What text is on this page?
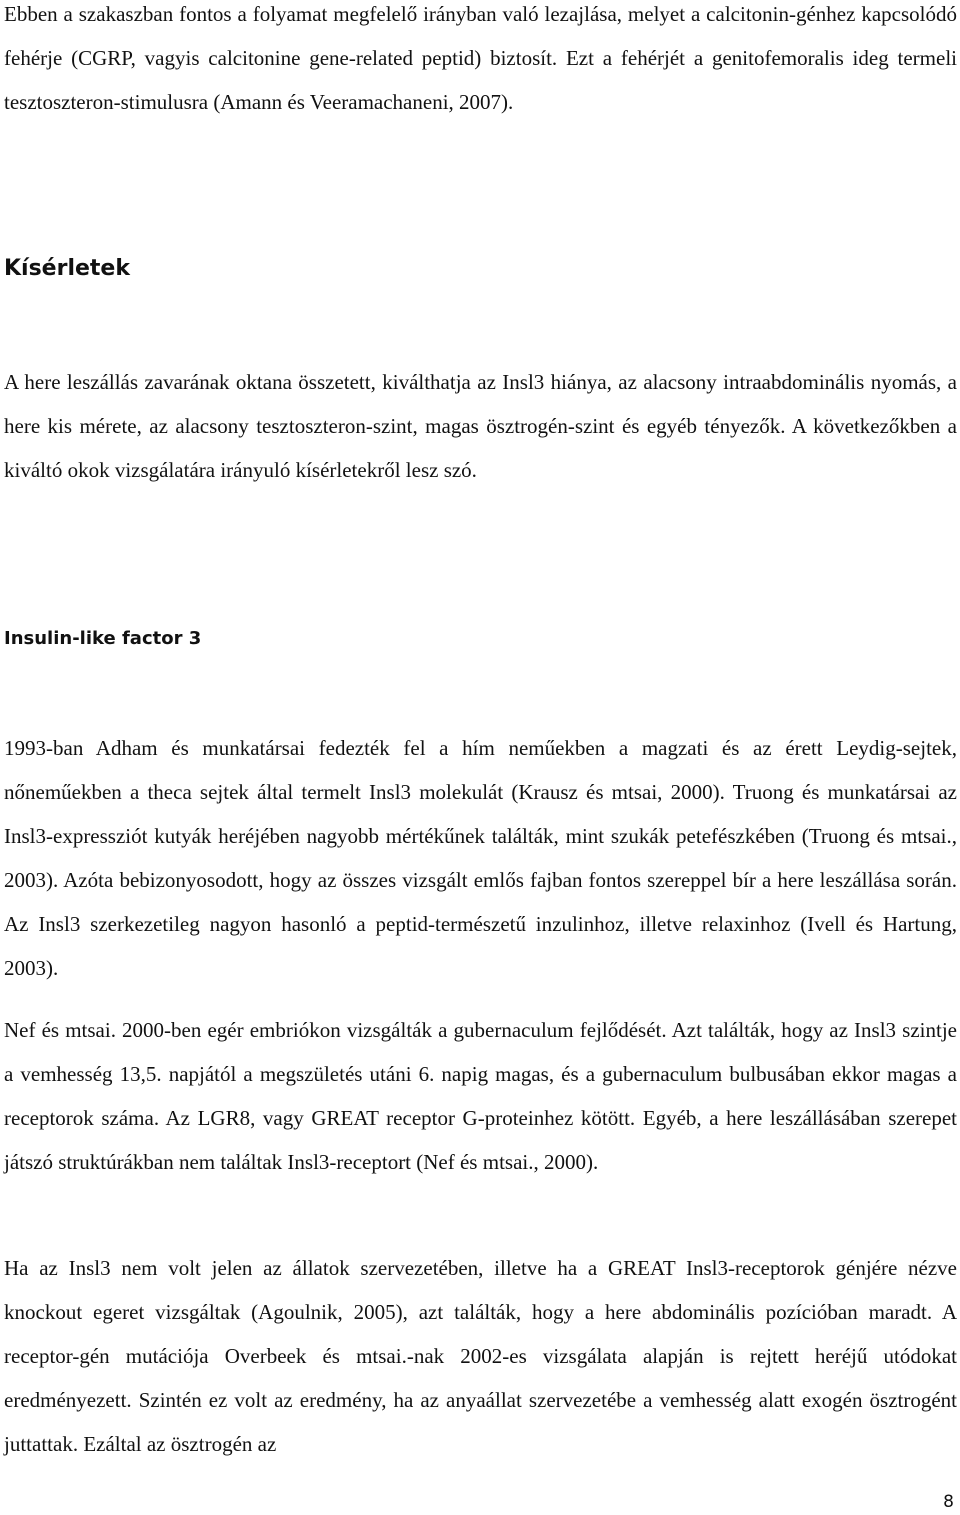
Ebben a szakaszban fontos a folyamat megfelelő irányban való lezajlása, melyet a calcitonin-génhez kapcsolódó fehérje (CGRP, vagyis calcitonine gene-related peptid) biztosít. Ezt a fehérjét a genitofemoralis ideg termeli tesztoszteron-stimulusra (Amann és Veeramachaneni, 2007).

Kísérletek

A here leszállás zavarának oktana összetett, kiválthatja az Insl3 hiánya, az alacsony intraabdominális nyomás, a here kis mérete, az alacsony tesztoszteron-szint, magas ösztrogén-szint és egyéb tényezők. A következőkben a kiváltó okok vizsgálatára irányuló kísérletekről lesz szó.

Insulin-like factor 3

1993-ban Adham és munkatársai fedezték fel a hím neműekben a magzati és az érett Leydig-sejtek, nőneműekben a theca sejtek által termelt Insl3 molekulát (Krausz és mtsai, 2000). Truong és munkatársai az Insl3-expressziót kutyák heréjében nagyobb mértékűnek találták, mint szukák petefészkében (Truong és mtsai., 2003). Azóta bebizonyosodott, hogy az összes vizsgált emlős fajban fontos szereppel bír a here leszállása során. Az Insl3 szerkezetileg nagyon hasonló a peptid-természetű inzulinhoz, illetve relaxinhoz (Ivell és Hartung, 2003).

Nef és mtsai. 2000-ben egér embriókon vizsgálták a gubernaculum fejlődését. Azt találták, hogy az Insl3 szintje a vemhesség 13,5. napjától a megszületés utáni 6. napig magas, és a gubernaculum bulbusában ekkor magas a receptorok száma. Az LGR8, vagy GREAT receptor G-proteinhez kötött. Egyéb, a here leszállásában szerepet játszó struktúrákban nem találtak Insl3-receptort (Nef és mtsai., 2000).

Ha az Insl3 nem volt jelen az állatok szervezetében, illetve ha a GREAT Insl3-receptorok génjére nézve knockout egeret vizsgáltak (Agoulnik, 2005), azt találták, hogy a here abdominális pozícióban maradt. A receptor-gén mutációja Overbeek és mtsai.-nak 2002-es vizsgálata alapján is rejtett heréjű utódokat eredményezett. Szintén ez volt az eredmény, ha az anyaállat szervezetébe a vemhesség alatt exogén ösztrogént juttattak. Ezáltal az ösztrogén az

8
